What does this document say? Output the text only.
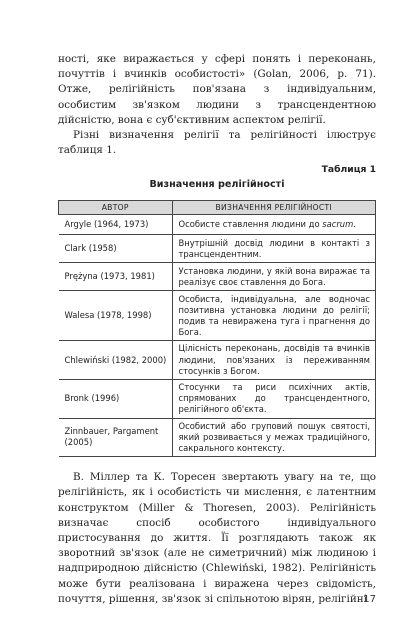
ності, яке виражається у сфері понять і переконань, почуттів і вчинків особистості» (Golan, 2006, p. 71). Отже, релігійність пов'язана з індивідуальним, особистим зв'язком людини з трансцендентною дійсністю, вона є суб'єктивним аспектом релігії.

Різні визначення релігії та релігійності ілюструє таблиця 1.

Таблиця 1
Визначення релігійності
АВТОР	ВИЗНАЧЕННЯ РЕЛІГІЙНОСТІ
Argyle (1964, 1973)	Особисте ставлення людини до sacrum.
Clark (1958)	Внутрішній досвід людини в контакті з трансцендентним.
Prężyna (1973, 1981)	Установка людини, у якій вона виражає та реалізує своє ставлення до Бога.
Walesa (1978, 1998)	Особиста, індивідуальна, але водночас позитивна установка людини до релігії; подив та невиражена туга і прагнення до Бога.
Chlewiński (1982, 2000)	Цілісність переконань, досвідів та вчинків людини, пов'язаних із переживанням стосунків з Богом.
Bronk (1996)	Стосунки та риси психічних актів, спрямованих до трансцендентного, релігійного об'єкта.
Zinnbauer, Pargament (2005)	Особистий або груповий пошук святості, який розвивається у межах традиційного, сакрального контексту.

В. Міллер та К. Торесен звертають увагу на те, що релігійність, як і особистість чи мислення, є латентним конструктом (Miller & Thoresen, 2003). Релігійність визначає спосіб особистого індивідуального пристосування до життя. Її розглядають також як зворотний зв'язок (але не симетричний) між людиною і надприродною дійсністю (Chlewiński, 1982). Релігійність може бути реалізована і виражена через свідомість, почуття, рішення, зв'язок зі спільнотою вірян, релігійні

17
